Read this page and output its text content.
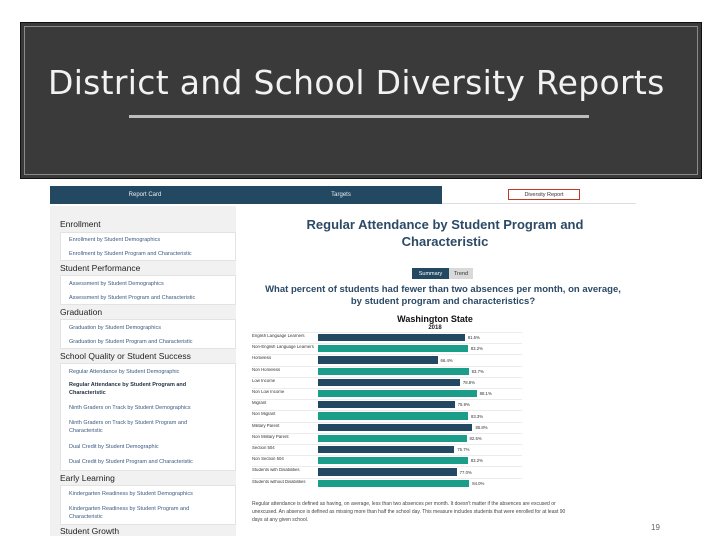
District and School Diversity Reports
Report Card	Targets	Diversity Report
Enrollment
Enrollment by Student Demographics
Enrollment by Student Program and Characteristic
Student Performance
Assessment by Student Demographics
Assessment by Student Program and Characteristic
Graduation
Graduation by Student Demographics
Graduation by Student Program and Characteristic
School Quality or Student Success
Regular Attendance by Student Demographic
Regular Attendance by Student Program and
Characteristic
Ninth Graders on Track by Student Demographics
Ninth Graders on Track by Student Program and
Characteristic
Dual Credit by Student Demographic
Dual Credit by Student Program and Characteristic
Early Learning
Kindergarten Readiness by Student Demographics
Kindergarten Readiness by Student Program and
Characteristic
Student Growth
Regular Attendance by Student Program and
Characteristic
Summary	Trend
What percent of students had fewer than two absences per month, on average,
by student program and characteristics?
Washington State
2018
English Language Learners	81.5%
Non-English Language Learners	83.2%
Homeless	66.4%
Non Homeless	83.7%
Low Income	78.8%
Non Low Income	88.1%
Migrant	75.9%
Non Migrant	83.3%
Military Parent	85.8%
Non Military Parent	82.5%
Section 504	75.7%
Non Section 504	83.2%
Students with Disabilities	77.0%
Students without Disabilities	84.0%
Regular attendance is defined as having, on average, less than two absences per month. It doesn't matter if the absences are excused or
unexcused. An absence is defined as missing more than half the school day. This measure includes students that were enrolled for at least 90
days at any given school.
19
